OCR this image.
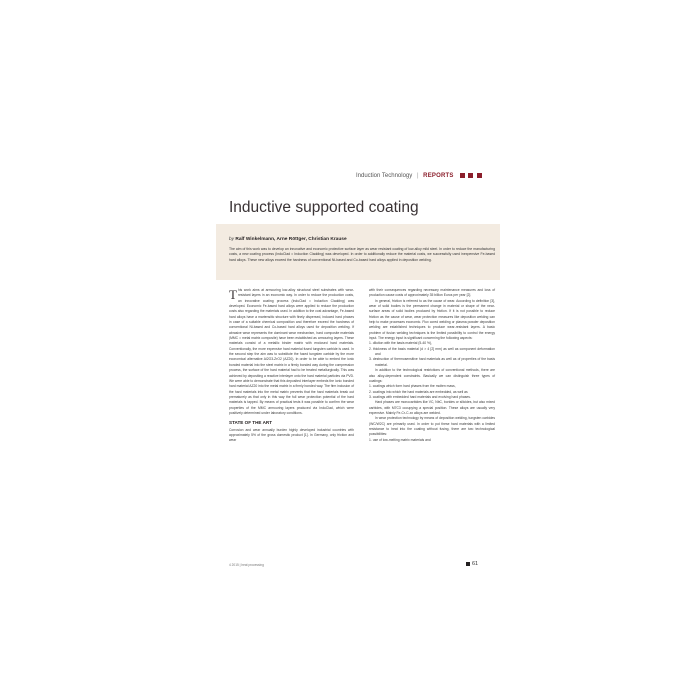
Induction Technology | REPORTS
Inductive supported coating
by Ralf Winkelmann, Arne Röttger, Christian Krause

The aim of this work was to develop an innovative and economic protective surface layer as wear resistant coating of low-alloy mild steel. In order to reduce the manufacturing costs, a new coating process (InduClad = Induction Cladding) was developed. In order to additionally reduce the material costs, we successfully used inexpensive Fe-based hard alloys. These new alloys exceed the hardness of conventional Ni-based and Co-based hard alloys applied in deposition welding.

This work aims at armouring low-alloy structural steel substrates with wear-resistant layers in an economic way. In order to reduce the production costs, an innovative coating process (InduClad = Induction Cladding) was developed. Economic Fe-based hard alloys were applied to reduce the production costs also regarding the materials used. In addition to the cost advantage, Fe-based hard alloys have a martensitic structure with finely dispersed, induced hard phases in case of a suitable chemical composition and therefore exceed the hardness of conventional Ni-based and Co-based hard alloys used for deposition welding. If abrasive wear represents the dominant wear mechanism, hard composite materials (MMC = metal matrix composite) have been established as armouring layers. These materials consist of a metallic binder matrix with enclosed hard materials. Conventionally, the more expensive hard material fused tungsten carbide is used. In the second step the aim was to substitute the fused tungsten carbide by the more economical alternative Al2O3-ZrO2 (AZ20). In order to be able to embed the ionic bonded material into the steel matrix in a firmly bonded way during the compression process, the surface of the hard material had to be treated metallurgically. This was achieved by depositing a reactive interlayer onto the hard material particles via PVD. We were able to demonstrate that this deposited interlayer embeds the ionic bonded hard material AZ20 into the metal matrix in a firmly bonded way. The firm inclusion of the hard materials into the metal matrix prevents that the hard materials break out prematurely as that only in this way the full wear protection potential of the hard materials is tapped. By means of practical tests it was possible to confirm the wear properties of the MMC armouring layers produced via InduClad, which were positively determined under laboratory conditions.

STATE OF THE ART

Corrosion and wear annually burden highly developed industrial countries with approximately 5% of the gross domestic product [1]. In Germany, only friction and wear

with their consequences regarding necessary maintenance measures and loss of production cause costs of approximately 35 billion Euros per year [2].

In general, friction is referred to as the cause of wear. According to definition [3], wear of solid bodies is the permanent change in material or shape of the near-surface areas of solid bodies produced by friction. If it is not possible to reduce friction as the cause of wear, wear protection measures like deposition welding can help to make processes economic. Flux cored welding or plasma powder deposition welding are established techniques to produce wear-resistant layers. A basic problem of fusion welding techniques is the limited possibility to control the energy input. The energy input is significant concerning the following aspects:

1. dilution with the basis material (5-40 %),
2. thickness of the basis material (d > 4 [2] mm) as well as component deformation and
3. destruction of thermosensitive hard materials as well as of properties of the basis material.

In addition to the technological restrictions of conventional methods, there are also alloy-dependent constraints. Basically we can distinguish three types of coatings:

1. coatings which form hard phases from the molten mass,
2. coatings into which the hard materials are embedded, as well as
3. coatings with embedded hard materials and evolving hard phases.

Hard phases are monocarbides like VC, NbC, borides or silicides, but also mixed carbides, with M7C3 occupying a special position. These alloys are usually very expensive. Mainly Fe-Cr-C-xx alloys are welded.

In wear protection technology by means of deposition welding, tungsten carbides (WC/W2C) are primarily used. In order to put these hard materials with a limited resistance to heat into the coating without fusing, there are two technological possibilities:

1. use of low-melting matrix materials and
4 2015 | heat processing	61
